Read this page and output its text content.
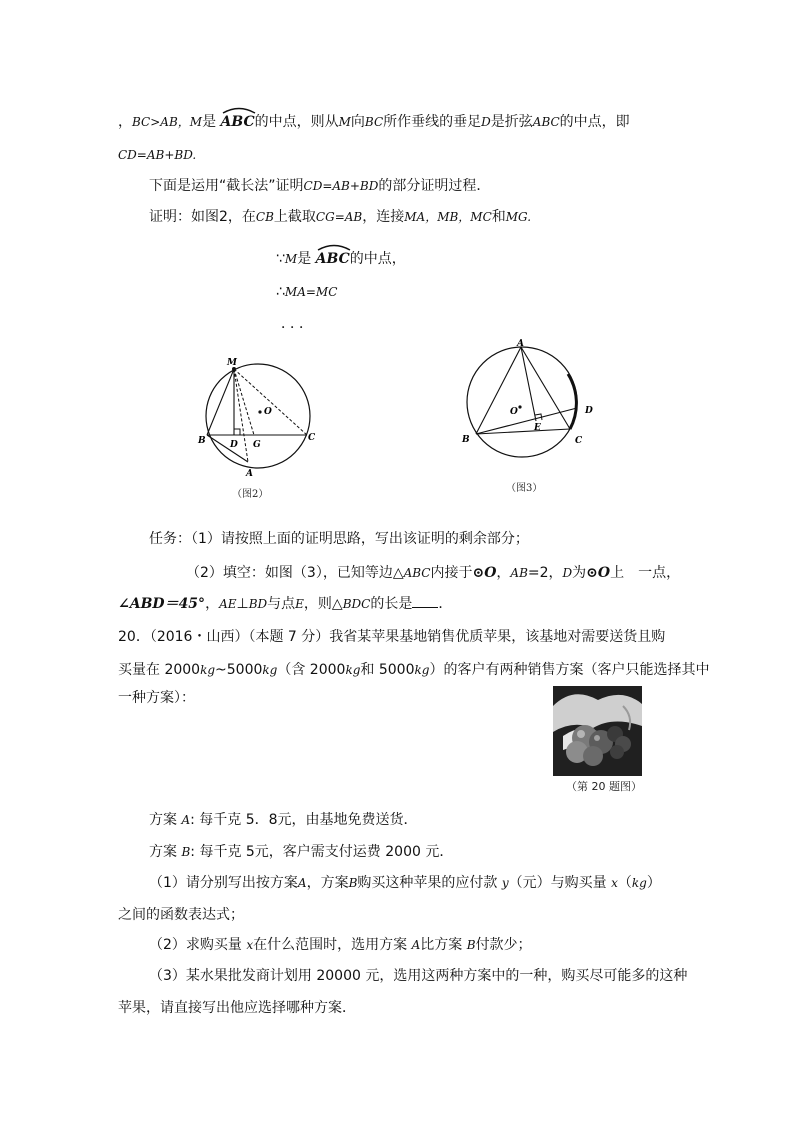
，BC>AB，M是 ABC的中点，则从M向BC所作垂线的垂足D是折弦ABC的中点，即
CD=AB+BD.
下面是运用“截长法”证明CD=AB+BD的部分证明过程．
证明：如图2，在CB上截取CG=AB，连接MA，MB，MC和MG.
∵M是 ABC的中点，
∴MA=MC
．．．
M
O
B	D G
C
A
（图2）
A
O	D
E
B	C
（图3）
任务：（1）请按照上面的证明思路，写出该证明的剩余部分；
（2）填空：如图（3），已知等边△ABC内接于⊙O，AB=2，D为⊙O上　一点，
∠ABD＝45°，AE⊥BD与点E，则△BDC的长是 ．
20．（2016・山西）（本题 7 分）我省某苹果基地销售优质苹果，该基地对需要送货且购
买量在 2000kg~5000kg（含 2000kg和 5000kg）的客户有两种销售方案（客户只能选择其中
一种方案）：
（第 20 题图）
方案 A: 每千克 5．8元，由基地免费送货．
方案 B: 每千克 5元，客户需支付运费 2000 元．
（1）请分别写出按方案A，方案B购买这种苹果的应付款 y（元）与购买量 x（kg）
之间的函数表达式；
（2）求购买量 x在什么范围时，选用方案 A比方案 B付款少；
（3）某水果批发商计划用 20000 元，选用这两种方案中的一种，购买尽可能多的这种
苹果，请直接写出他应选择哪种方案．
